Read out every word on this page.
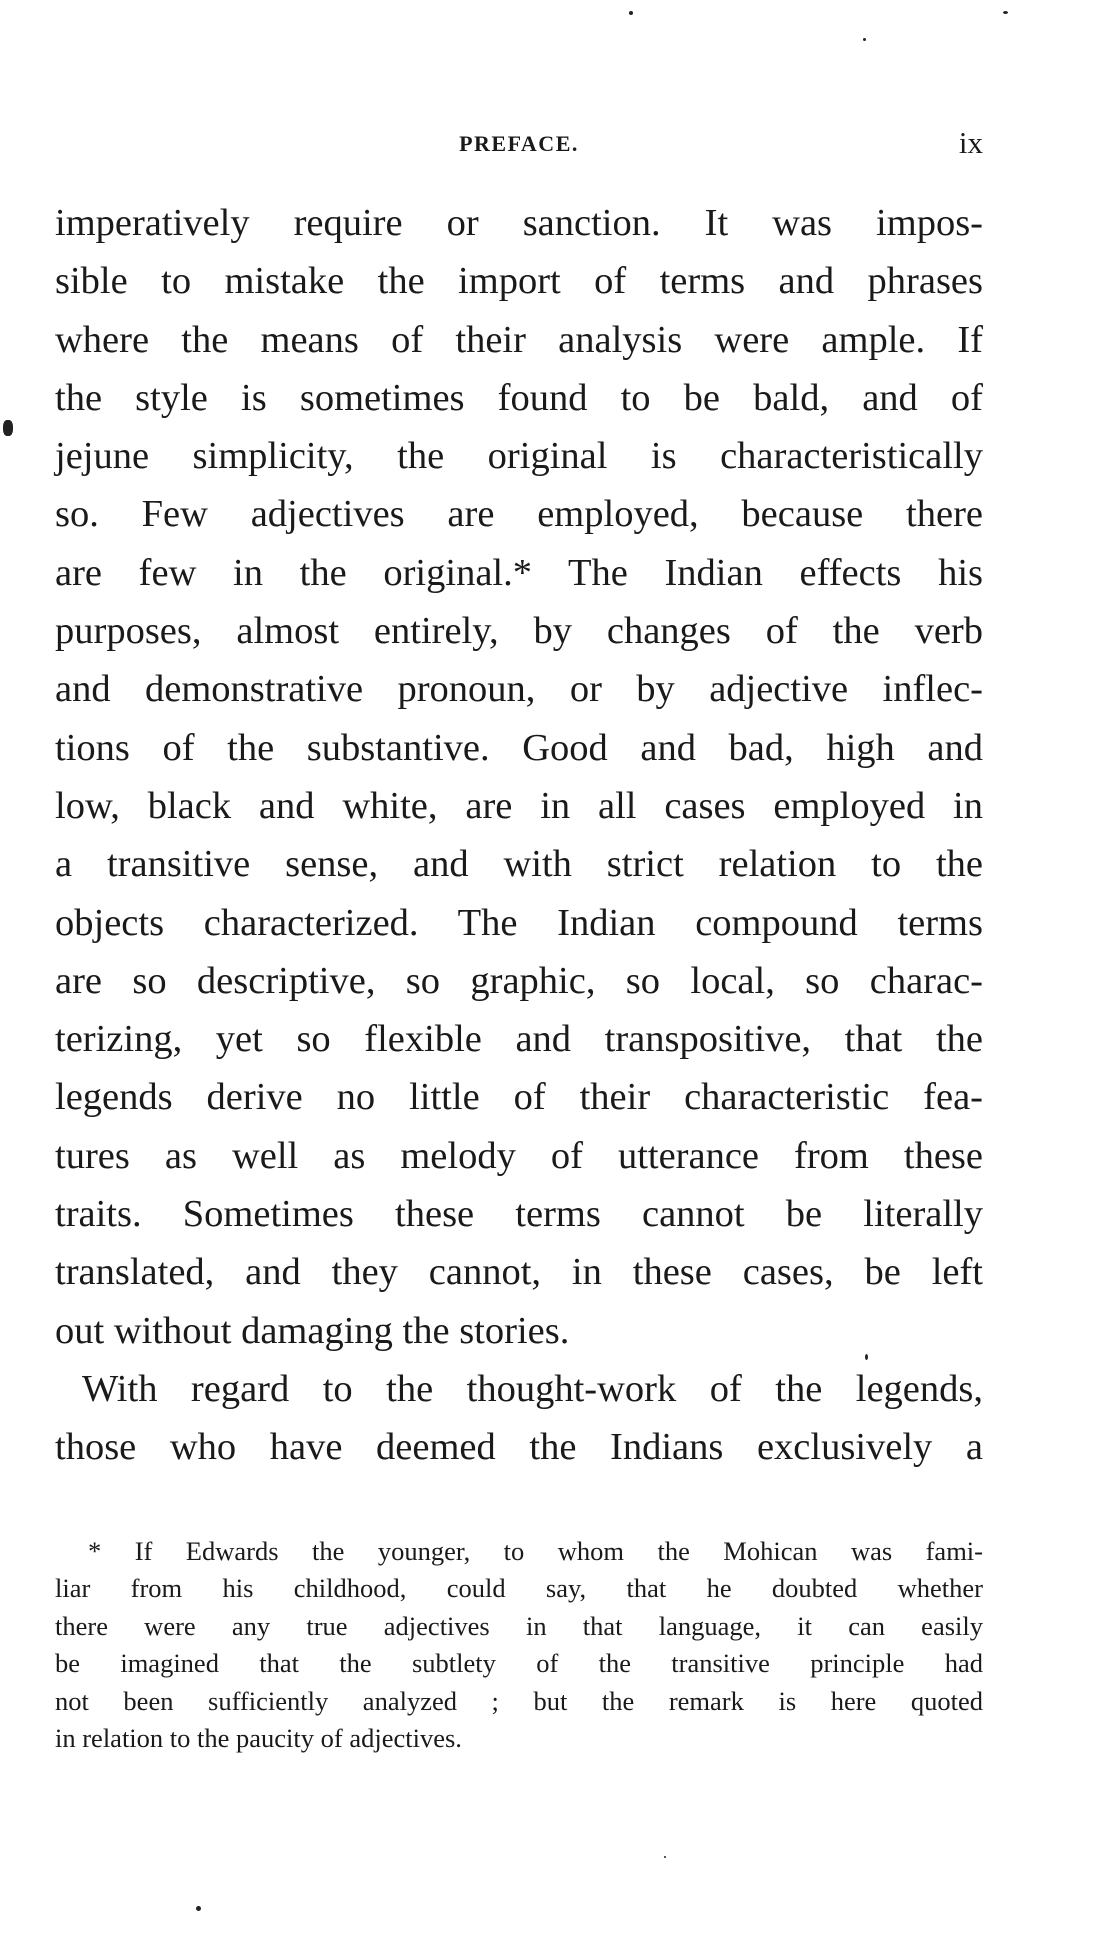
PREFACE.	ix
imperatively require or sanction. It was impos-
sible to mistake the import of terms and phrases
where the means of their analysis were ample. If
the style is sometimes found to be bald, and of
jejune simplicity, the original is characteristically
so. Few adjectives are employed, because there
are few in the original.* The Indian effects his
purposes, almost entirely, by changes of the verb
and demonstrative pronoun, or by adjective inflec-
tions of the substantive. Good and bad, high and
low, black and white, are in all cases employed in
a transitive sense, and with strict relation to the
objects characterized. The Indian compound terms
are so descriptive, so graphic, so local, so charac-
terizing, yet so flexible and transpositive, that the
legends derive no little of their characteristic fea-
tures as well as melody of utterance from these
traits. Sometimes these terms cannot be literally
translated, and they cannot, in these cases, be left
out without damaging the stories.
With regard to the thought-work of the legends,
those who have deemed the Indians exclusively a
* If Edwards the younger, to whom the Mohican was fami-
liar from his childhood, could say, that he doubted whether
there were any true adjectives in that language, it can easily
be imagined that the subtlety of the transitive principle had
not been sufficiently analyzed ; but the remark is here quoted
in relation to the paucity of adjectives.
